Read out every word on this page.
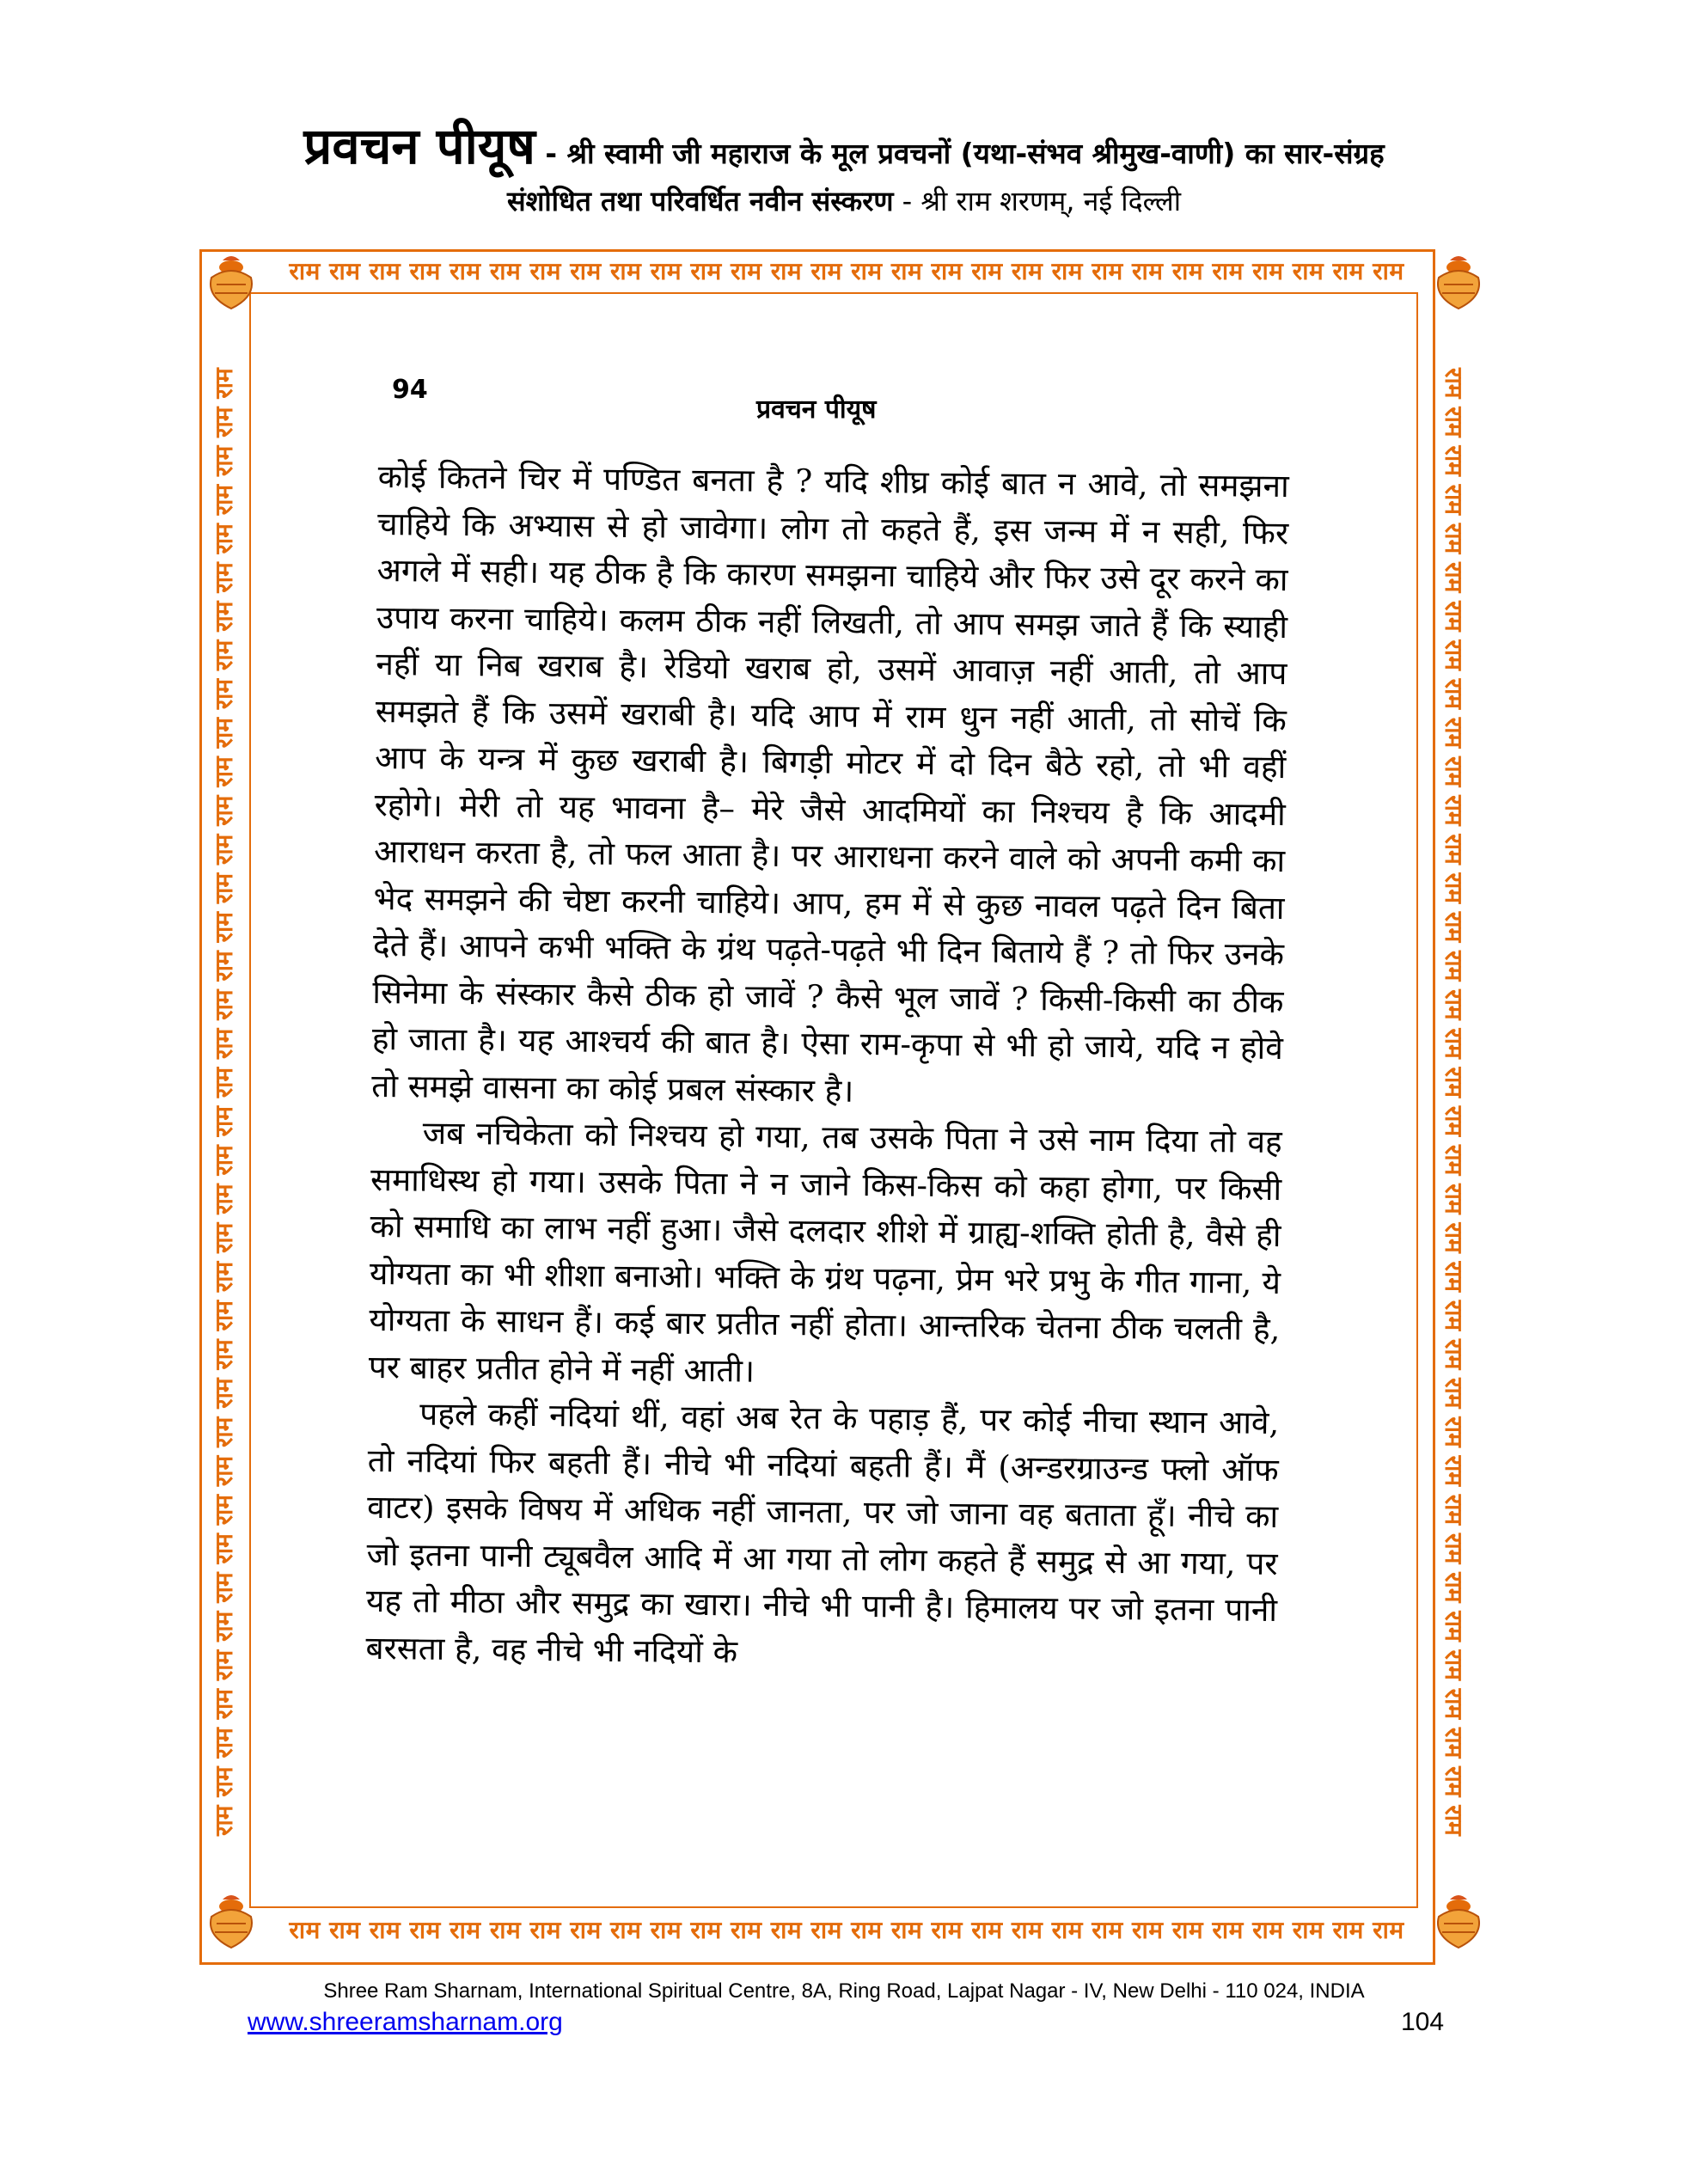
प्रवचन पीयूष - श्री स्वामी जी महाराज के मूल प्रवचनों (यथा-संभव श्रीमुख-वाणी) का सार-संग्रह
संशोधित तथा परिवर्धित नवीन संस्करण - श्री राम शरणम्, नई दिल्ली
राम राम राम राम राम राम राम राम राम राम राम राम राम राम राम राम राम राम राम राम राम राम राम राम राम राम राम राम
राम राम राम राम राम राम राम राम राम राम राम राम राम राम राम राम राम राम राम राम राम राम राम राम राम राम राम राम
राम राम राम राम राम राम राम राम राम राम राम राम राम राम राम राम राम राम राम राम राम राम राम राम राम राम राम राम राम राम राम राम राम राम राम राम राम राम	राम राम राम राम राम राम राम राम राम राम राम राम राम राम राम राम राम राम राम राम राम राम राम राम राम राम राम राम राम राम राम राम राम राम राम राम राम राम
94
प्रवचन पीयूष

कोई कितने चिर में पण्डित बनता है ? यदि शीघ्र कोई बात न आवे, तो समझना चाहिये कि अभ्यास से हो जावेगा। लोग तो कहते हैं, इस जन्म में न सही, फिर अगले में सही। यह ठीक है कि कारण समझना चाहिये और फिर उसे दूर करने का उपाय करना चाहिये। कलम ठीक नहीं लिखती, तो आप समझ जाते हैं कि स्याही नहीं या निब खराब है। रेडियो खराब हो, उसमें आवाज़ नहीं आती, तो आप समझते हैं कि उसमें खराबी है। यदि आप में राम धुन नहीं आती, तो सोचें कि आप के यन्त्र में कुछ खराबी है। बिगड़ी मोटर में दो दिन बैठे रहो, तो भी वहीं रहोगे। मेरी तो यह भावना है– मेरे जैसे आदमियों का निश्चय है कि आदमी आराधन करता है, तो फल आता है। पर आराधना करने वाले को अपनी कमी का भेद समझने की चेष्टा करनी चाहिये। आप, हम में से कुछ नावल पढ़ते दिन बिता देते हैं। आपने कभी भक्ति के ग्रंथ पढ़ते-पढ़ते भी दिन बिताये हैं ? तो फिर उनके सिनेमा के संस्कार कैसे ठीक हो जावें ? कैसे भूल जावें ? किसी-किसी का ठीक हो जाता है। यह आश्चर्य की बात है। ऐसा राम-कृपा से भी हो जाये, यदि न होवे तो समझे वासना का कोई प्रबल संस्कार है।

जब नचिकेता को निश्चय हो गया, तब उसके पिता ने उसे नाम दिया तो वह समाधिस्थ हो गया। उसके पिता ने न जाने किस-किस को कहा होगा, पर किसी को समाधि का लाभ नहीं हुआ। जैसे दलदार शीशे में ग्राह्य-शक्ति होती है, वैसे ही योग्यता का भी शीशा बनाओ। भक्ति के ग्रंथ पढ़ना, प्रेम भरे प्रभु के गीत गाना, ये योग्यता के साधन हैं। कई बार प्रतीत नहीं होता। आन्तरिक चेतना ठीक चलती है, पर बाहर प्रतीत होने में नहीं आती।

पहले कहीं नदियां थीं, वहां अब रेत के पहाड़ हैं, पर कोई नीचा स्थान आवे, तो नदियां फिर बहती हैं। नीचे भी नदियां बहती हैं। मैं (अन्डरग्राउन्ड फ्लो ऑफ वाटर) इसके विषय में अधिक नहीं जानता, पर जो जाना वह बताता हूँ। नीचे का जो इतना पानी ट्यूबवैल आदि में आ गया तो लोग कहते हैं समुद्र से आ गया, पर यह तो मीठा और समुद्र का खारा। नीचे भी पानी है। हिमालय पर जो इतना पानी बरसता है, वह नीचे भी नदियों के

Shree Ram Sharnam, International Spiritual Centre, 8A, Ring Road, Lajpat Nagar - IV, New Delhi - 110 024, INDIA
www.shreeramsharnam.org	104
